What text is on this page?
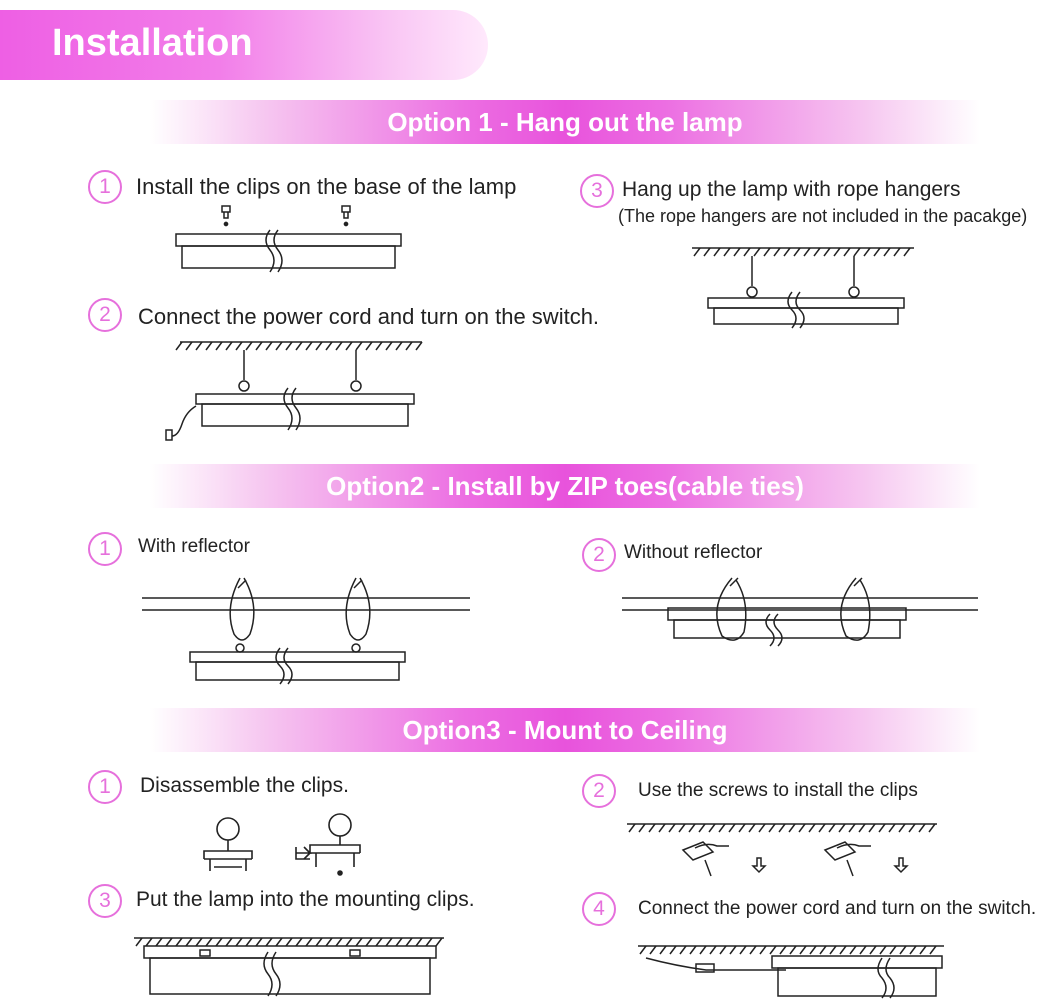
Installation
Option 1 - Hang out the lamp
1	Install the clips on the base of the lamp
2	Connect the power cord and turn on the switch.
3 Hang up the lamp with rope hangers
(The rope hangers are not included in the pacakge)
Option2 - Install by ZIP toes(cable ties)
1	With reflector	2	Without reflector
Option3 - Mount to Ceiling
1	Disassemble the clips.	2	Use the screws to install the clips
3	Put the lamp into the mounting clips.	4	Connect the power cord and turn on the switch.
